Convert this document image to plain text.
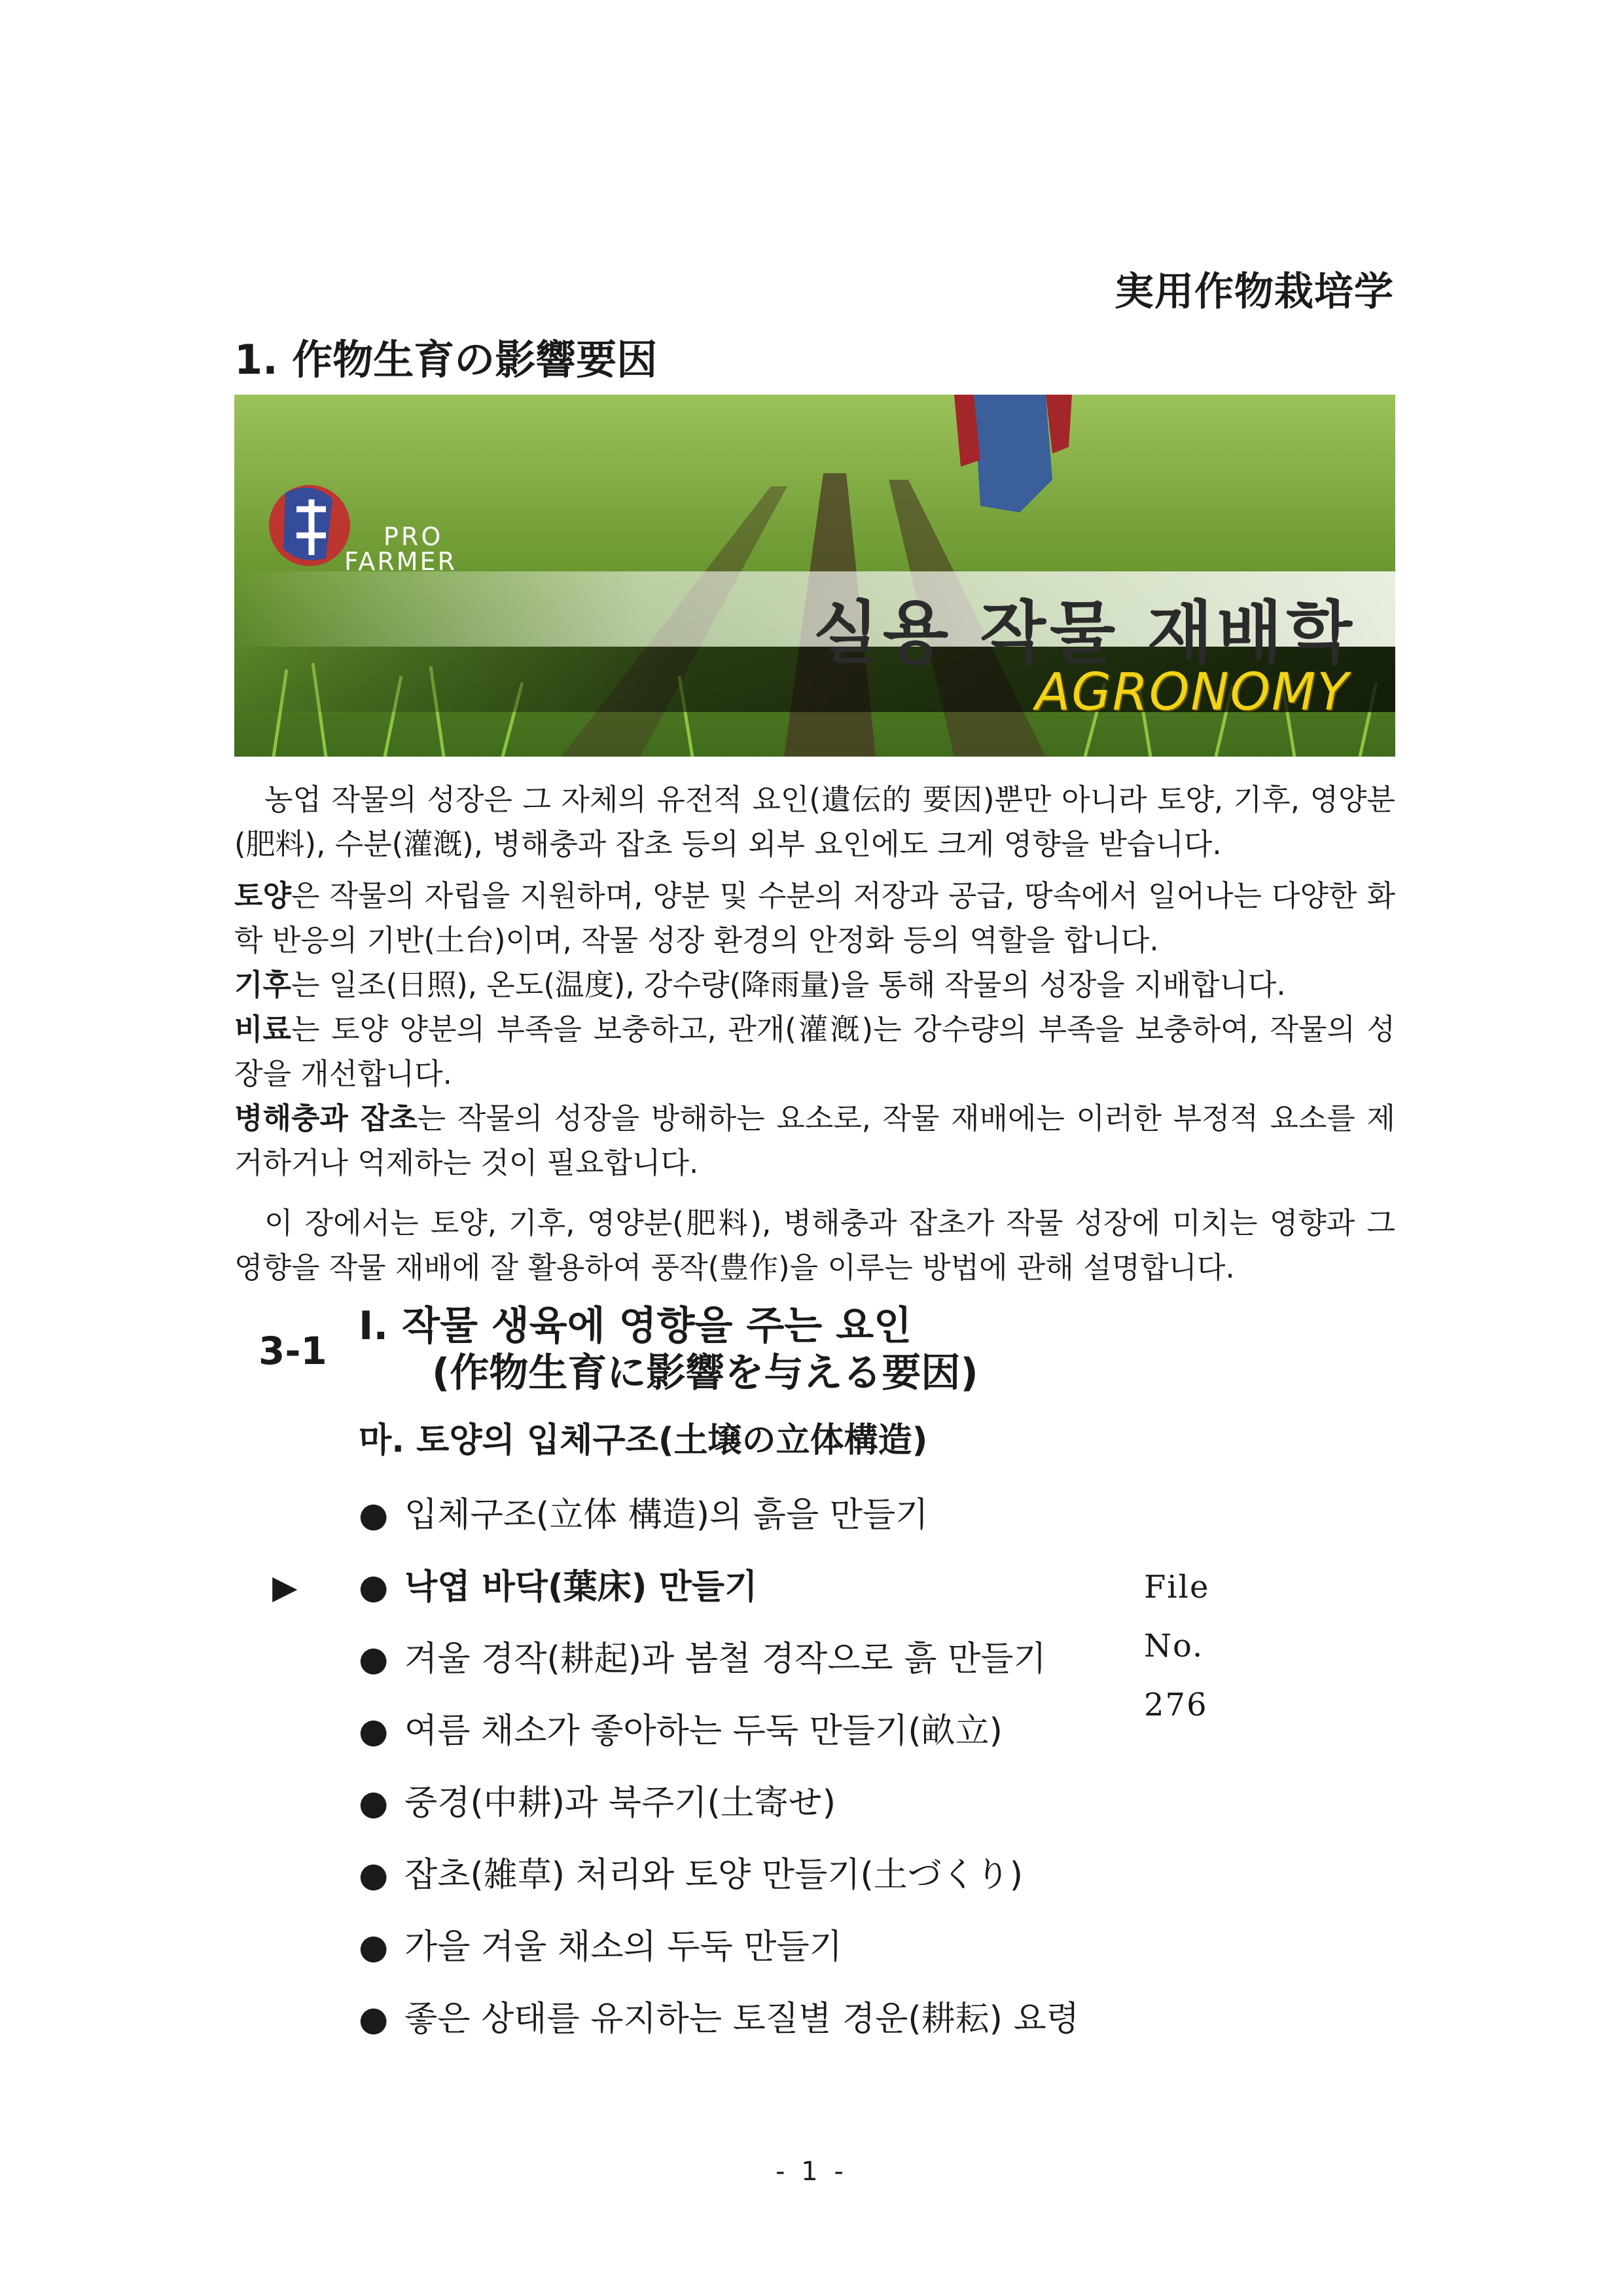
実用作物栽培学
1. 作物生育の影響要因
PRO
FARMER
실용 작물 재배학
AGRONOMY

농업 작물의 성장은 그 자체의 유전적 요인(遺伝的 要因)뿐만 아니라 토양, 기후, 영양분(肥料), 수분(灌漑), 병해충과 잡초 등의 외부 요인에도 크게 영향을 받습니다.

토양은 작물의 자립을 지원하며, 양분 및 수분의 저장과 공급, 땅속에서 일어나는 다양한 화학 반응의 기반(土台)이며, 작물 성장 환경의 안정화 등의 역할을 합니다.

기후는 일조(日照), 온도(温度), 강수량(降雨量)을 통해 작물의 성장을 지배합니다.

비료는 토양 양분의 부족을 보충하고, 관개(灌漑)는 강수량의 부족을 보충하여, 작물의 성장을 개선합니다.

병해충과 잡초는 작물의 성장을 방해하는 요소로, 작물 재배에는 이러한 부정적 요소를 제거하거나 억제하는 것이 필요합니다.

이 장에서는 토양, 기후, 영양분(肥料), 병해충과 잡초가 작물 성장에 미치는 영향과 그 영향을 작물 재배에 잘 활용하여 풍작(豊作)을 이루는 방법에 관해 설명합니다.

3-1
Ⅰ. 작물 생육에 영향을 주는 요인
(作物生育に影響を与える要因)
마. 토양의 입체구조(土壌の立体構造)
● 입체구조(立体 構造)의 흙을 만들기
▶ ● 낙엽 바닥(葉床) 만들기	File No. 276
● 겨울 경작(耕起)과 봄철 경작으로 흙 만들기
● 여름 채소가 좋아하는 두둑 만들기(畝立)
● 중경(中耕)과 북주기(土寄せ)
● 잡초(雑草) 처리와 토양 만들기(土づくり)
● 가을 겨울 채소의 두둑 만들기
● 좋은 상태를 유지하는 토질별 경운(耕耘) 요령
- 1 -
